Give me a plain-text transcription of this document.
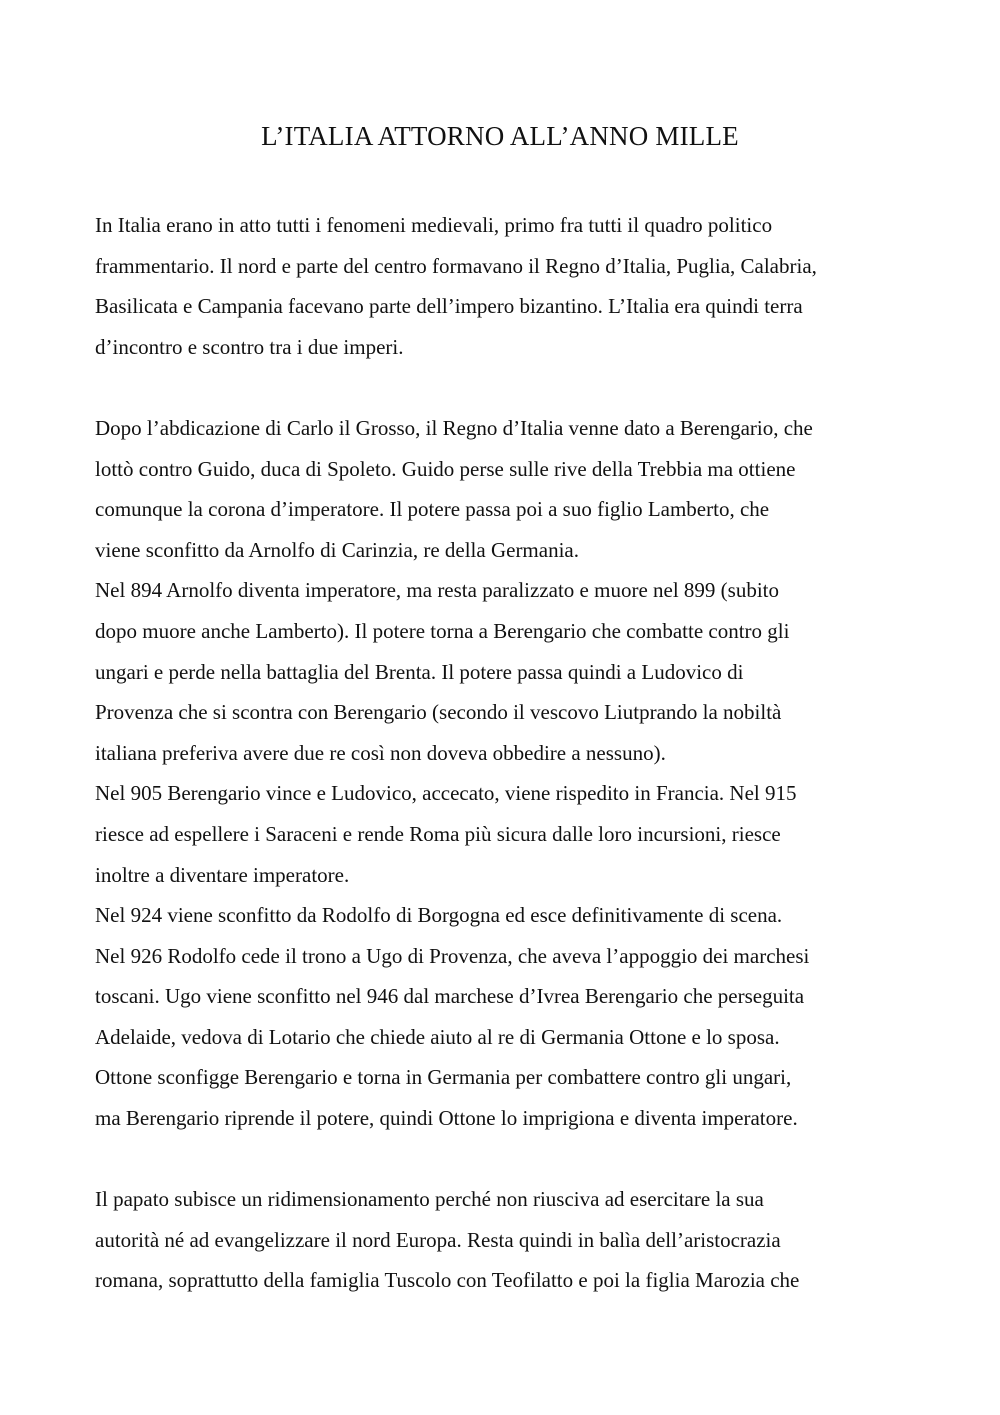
L’ITALIA ATTORNO ALL’ANNO MILLE

In Italia erano in atto tutti i fenomeni medievali, primo fra tutti il quadro politico
frammentario. Il nord e parte del centro formavano il Regno d’Italia, Puglia, Calabria,
Basilicata e Campania facevano parte dell’impero bizantino. L’Italia era quindi terra
d’incontro e scontro tra i due imperi.

Dopo l’abdicazione di Carlo il Grosso, il Regno d’Italia venne dato a Berengario, che
lottò contro Guido, duca di Spoleto. Guido perse sulle rive della Trebbia ma ottiene
comunque la corona d’imperatore. Il potere passa poi a suo figlio Lamberto, che
viene sconfitto da Arnolfo di Carinzia, re della Germania.

Nel 894 Arnolfo diventa imperatore, ma resta paralizzato e muore nel 899 (subito
dopo muore anche Lamberto). Il potere torna a Berengario che combatte contro gli
ungari e perde nella battaglia del Brenta. Il potere passa quindi a Ludovico di
Provenza che si scontra con Berengario (secondo il vescovo Liutprando la nobiltà
italiana preferiva avere due re così non doveva obbedire a nessuno).

Nel 905 Berengario vince e Ludovico, accecato, viene rispedito in Francia. Nel 915
riesce ad espellere i Saraceni e rende Roma più sicura dalle loro incursioni, riesce
inoltre a diventare imperatore.

Nel 924 viene sconfitto da Rodolfo di Borgogna ed esce definitivamente di scena.
Nel 926 Rodolfo cede il trono a Ugo di Provenza, che aveva l’appoggio dei marchesi
toscani. Ugo viene sconfitto nel 946 dal marchese d’Ivrea Berengario che perseguita
Adelaide, vedova di Lotario che chiede aiuto al re di Germania Ottone e lo sposa.
Ottone sconfigge Berengario e torna in Germania per combattere contro gli ungari,
ma Berengario riprende il potere, quindi Ottone lo imprigiona e diventa imperatore.

Il papato subisce un ridimensionamento perché non riusciva ad esercitare la sua
autorità né ad evangelizzare il nord Europa. Resta quindi in balìa dell’aristocrazia
romana, soprattutto della famiglia Tuscolo con Teofilatto e poi la figlia Marozia che
